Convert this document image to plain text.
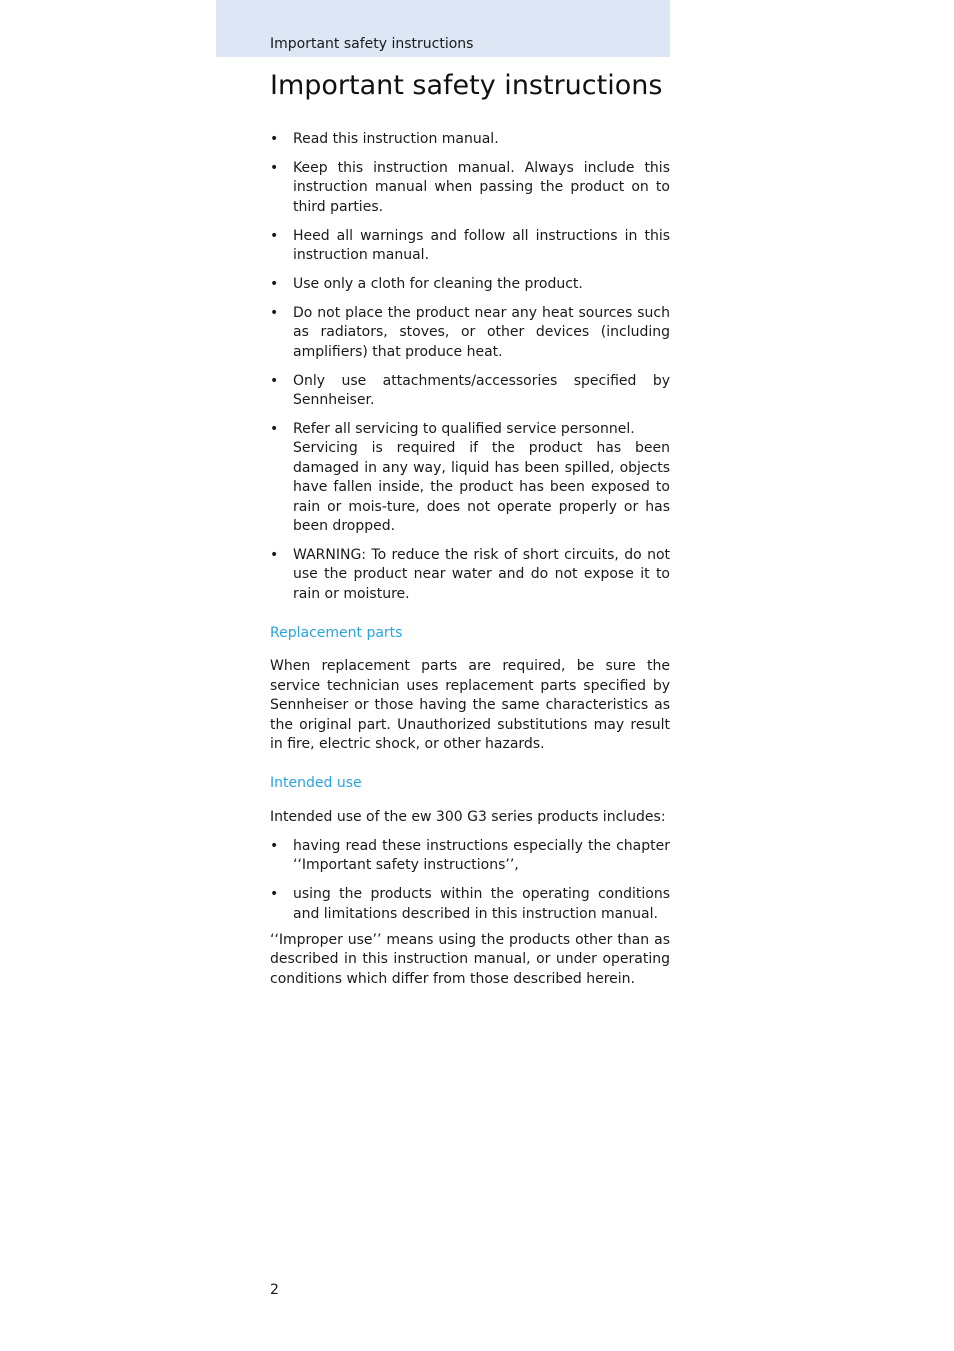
Important safety instructions
Important safety instructions
• Read this instruction manual.
• Keep this instruction manual. Always include this instruction manual when passing the product on to third parties.
• Heed all warnings and follow all instructions in this instruction manual.
• Use only a cloth for cleaning the product.
• Do not place the product near any heat sources such as radiators, stoves, or other devices (including amplifiers) that produce heat.
• Only use attachments/accessories specified by Sennheiser.
• Refer all servicing to qualified service personnel.
Servicing is required if the product has been damaged in any way, liquid has been spilled, objects have fallen inside, the product has been exposed to rain or mois-ture, does not operate properly or has been dropped.
• WARNING: To reduce the risk of short circuits, do not use the product near water and do not expose it to rain or moisture.
Replacement parts

When replacement parts are required, be sure the service technician uses replacement parts specified by Sennheiser or those having the same characteristics as the original part. Unauthorized substitutions may result in fire, electric shock, or other hazards.

Intended use

Intended use of the ew 300 G3 series products includes:

• having read these instructions especially the chapter ‘‘Important safety instructions’’,
• using the products within the operating conditions and limitations described in this instruction manual.

‘‘Improper use’’ means using the products other than as described in this instruction manual, or under operating conditions which differ from those described herein.

2
